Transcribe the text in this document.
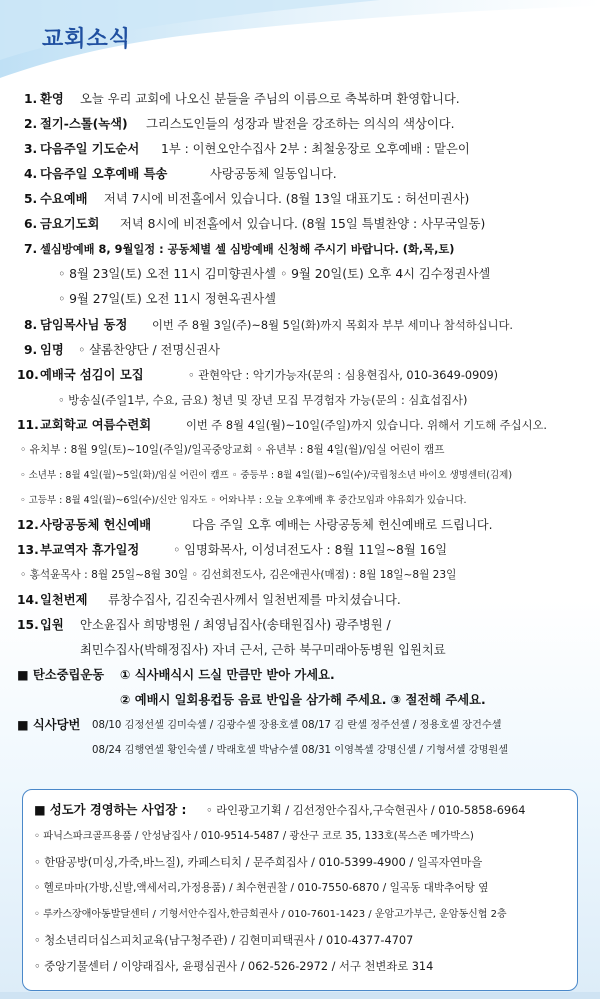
교회소식
1. 환영 오늘 우리 교회에 나오신 분들을 주님의 이름으로 축복하며 환영합니다.
2. 절기-스톨(녹색) 그리스도인들의 성장과 발전을 강조하는 의식의 색상이다.
3. 다음주일 기도순서 1부 : 이현오안수집사 2부 : 최철웅장로 오후예배 : 맡은이
4. 다음주일 오후예배 특송	사랑공동체 일동입니다.
5. 수요예배 저녁 7시에 비전홀에서 있습니다. (8월 13일 대표기도 : 허선미권사)
6. 금요기도회 저녁 8시에 비전홀에서 있습니다. (8월 15일 특별찬양 : 사무국일동)
7. 셀심방예배 8, 9월일정 : 공동체별 셀 심방예배 신청해 주시기 바랍니다. (화,목,토)
◦ 8월 23일(토) 오전 11시 김미향권사셀 ◦ 9월 20일(토) 오후 4시 김수정권사셀
◦ 9월 27일(토) 오전 11시 정현옥권사셀
8. 담임목사님 동정 이번 주 8월 3일(주)~8월 5일(화)까지 목회자 부부 세미나 참석하십니다.
9. 임명 ◦ 샬롬찬양단 / 전명신권사
10. 예배국 섬김이 모집	◦ 관현악단 : 악기가능자(문의 : 심용현집사, 010-3649-0909)
◦ 방송실(주일1부, 수요, 금요) 청년 및 장년 모집 무경험자 가능(문의 : 심효섭집사)
11. 교회학교 여름수련회	이번 주 8월 4일(월)~10일(주일)까지 있습니다. 위해서 기도해 주십시오.
◦ 유치부 : 8월 9일(토)~10일(주일)/일곡중앙교회 ◦ 유년부 : 8월 4일(월)/임실 어린이 캠프
◦ 소년부 : 8월 4일(월)~5일(화)/임실 어린이 캠프 ◦ 중등부 : 8월 4일(월)~6일(수)/국립청소년 바이오 생명센터(김제)
◦ 고등부 : 8월 4일(월)~6일(수)/신안 임자도 ◦ 어와나부 : 오늘 오후예배 후 중간모임과 야유회가 있습니다.
12. 사랑공동체 헌신예배	다음 주일 오후 예배는 사랑공동체 헌신예배로 드립니다.
13. 부교역자 휴가일정	◦ 임명화목사, 이성녀전도사 : 8월 11일~8월 16일
◦ 홍석윤목사 : 8월 25일~8월 30일 ◦ 김선희전도사, 김은애권사(매점) : 8월 18일~8월 23일
14. 일천번제 류창수집사, 김진숙권사께서 일천번제를 마치셨습니다.
15. 입원 안소윤집사 희망병원 / 최영님집사(송태원집사) 광주병원 /
최민수집사(박해정집사) 자녀 근서, 근하 북구미래아동병원 입원치료
■ 탄소중립운동 ① 식사배식시 드실 만큼만 받아 가세요.
② 예배시 일회용컵등 음료 반입을 삼가해 주세요. ③ 절전해 주세요.
■ 식사당번 08/10 김정선셀 김미숙셀 / 김광수셀 장용호셀 08/17 김 란셀 정주선셀 / 정용호셀 장건수셀
08/24 김행연셀 황인숙셀 / 박래호셀 박남수셀 08/31 이영복셀 강명신셀 / 기형서셀 강명원셀
■ 성도가 경영하는 사업장 : ◦ 라인광고기획 / 김선정안수집사,구숙현권사 / 010-5858-6964
◦ 파닉스파크골프용품 / 안성남집사 / 010-9514-5487 / 광산구 코로 35, 133호(목스존 메가박스)
◦ 한땀공방(미싱,가죽,바느질), 카페스티치 / 문주희집사 / 010-5399-4900 / 일곡자연마을
◦ 헬로마마(가방,신발,액세서리,가정용품) / 최수현권찰 / 010-7550-6870 / 일곡동 대박추어탕 옆
◦ 루카스장애아동발달센터 / 기형서안수집사,한금희권사 / 010-7601-1423 / 운암고가부근, 운암동신협 2층
◦ 청소년리더십스피치교육(남구청주관) / 김현미피택권사 / 010-4377-4707
◦ 중앙기물센터 / 이양래집사, 윤평심권사 / 062-526-2972 / 서구 천변좌로 314
